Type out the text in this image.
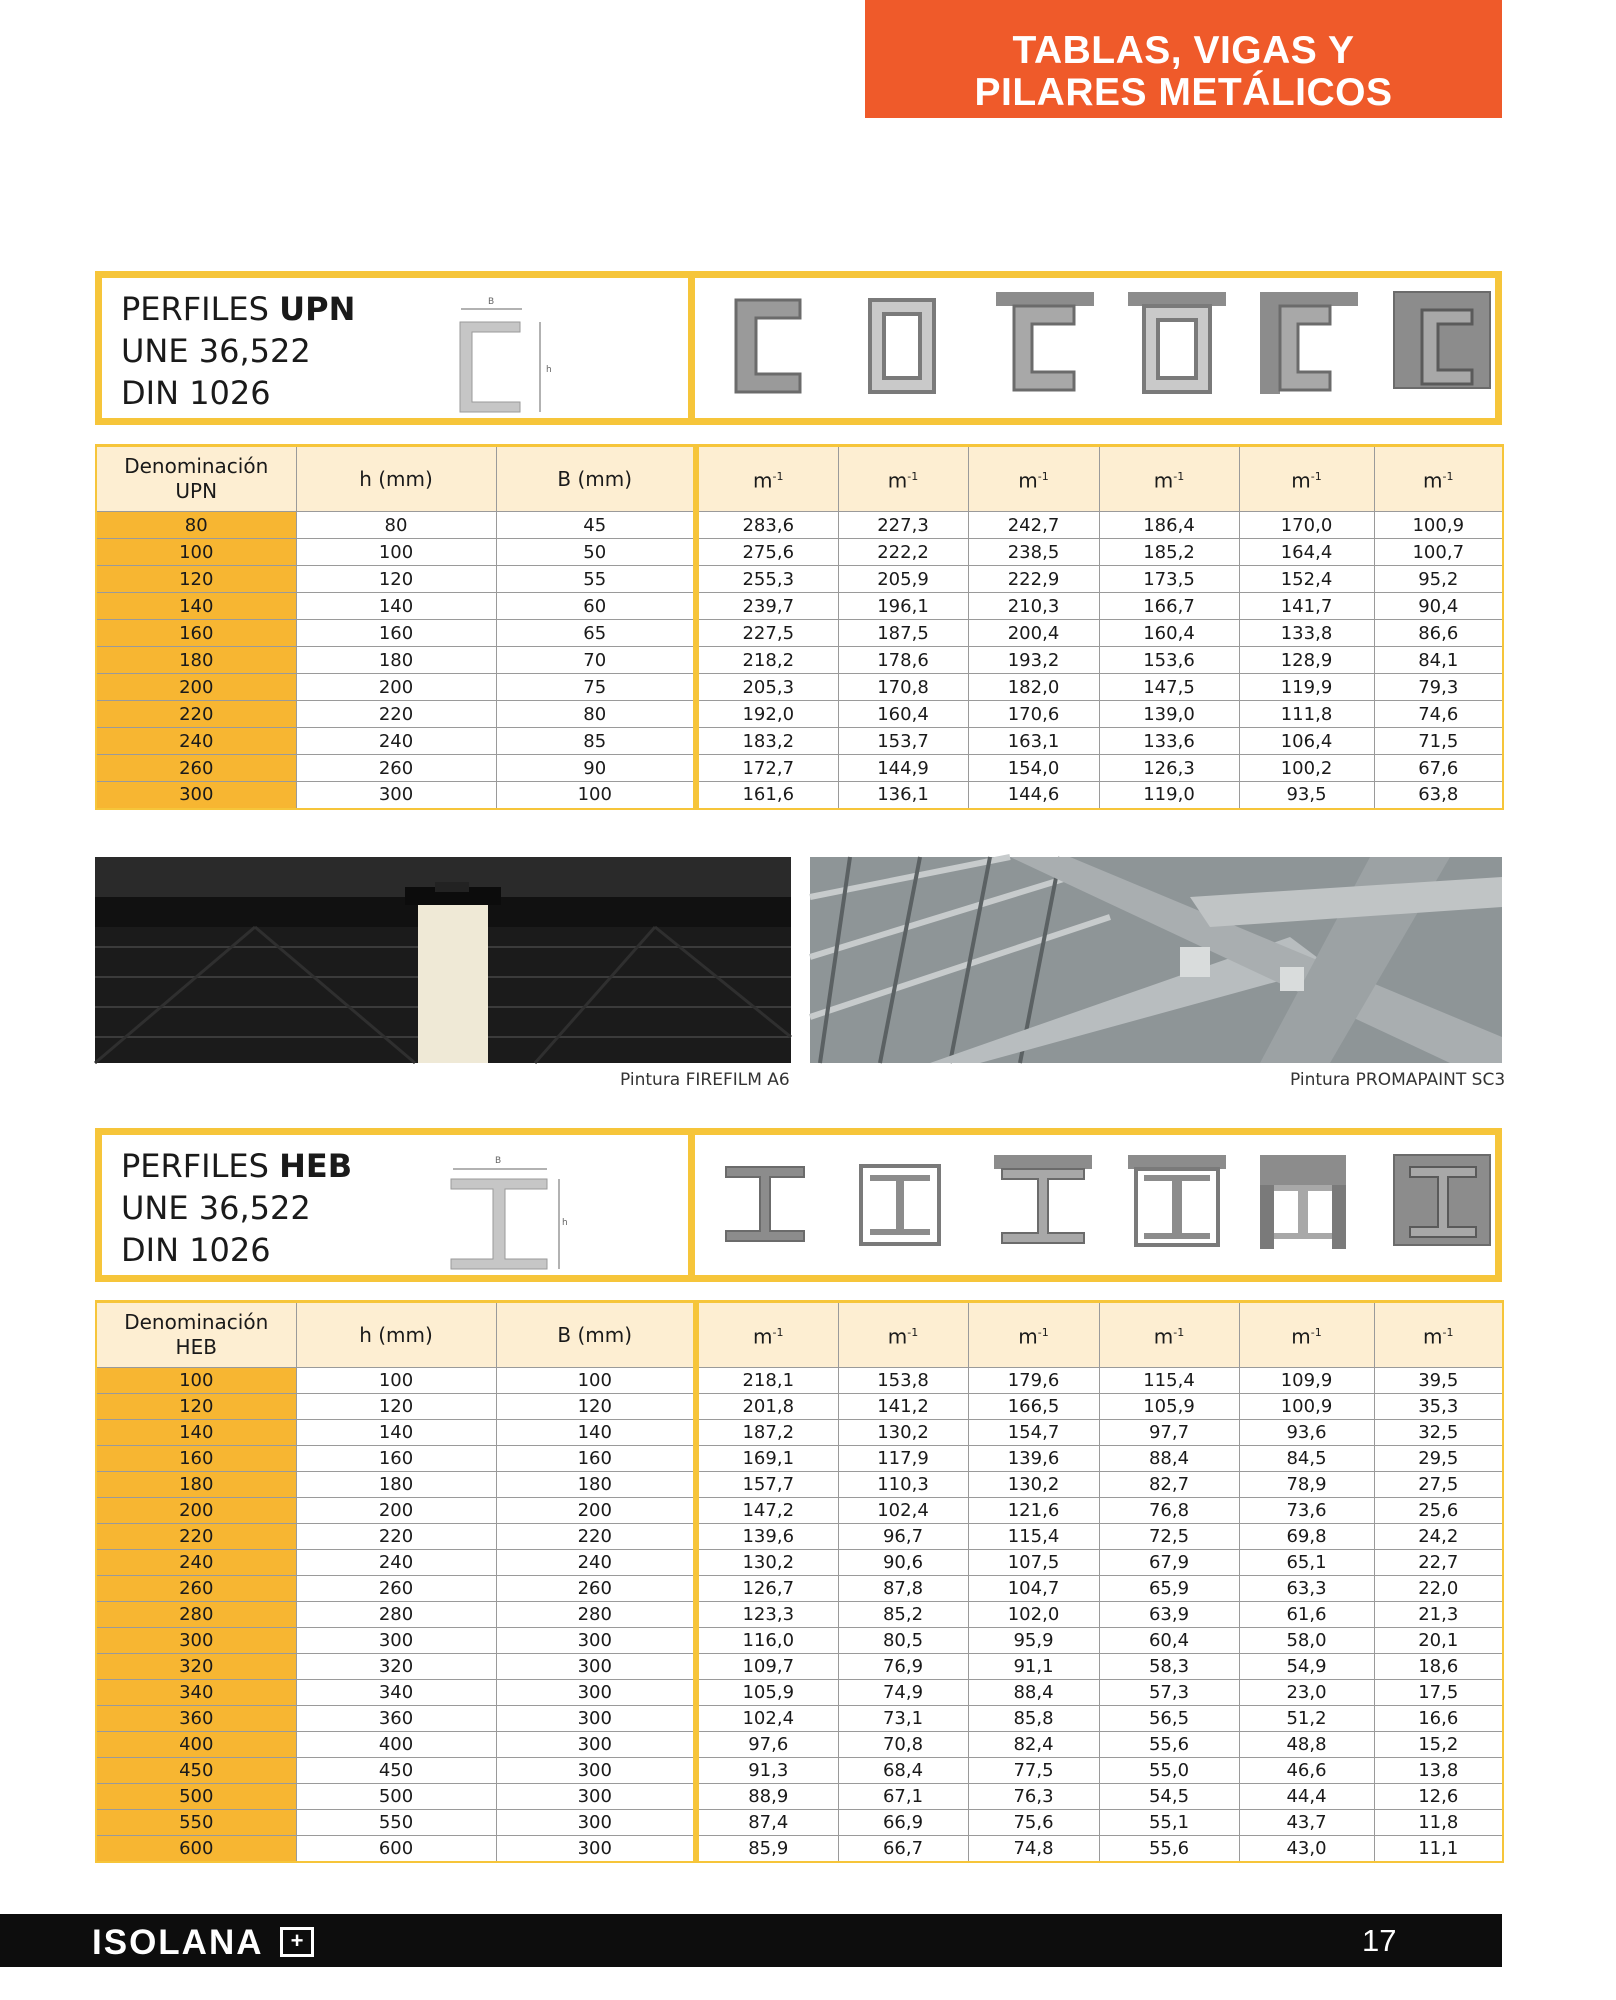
TABLAS, VIGAS Y
PILARES METÁLICOS
PERFILES UPN
UNE 36,522
DIN 1026
B
h
Denominación
UPN	h (mm)	B (mm)	$m^{-1}$	$m^{-1}$	$m^{-1}$	$m^{-1}$	$m^{-1}$	$m^{-1}$
80	80	45	283,6	227,3	242,7	186,4	170,0	100,9
100	100	50	275,6	222,2	238,5	185,2	164,4	100,7
120	120	55	255,3	205,9	222,9	173,5	152,4	95,2
140	140	60	239,7	196,1	210,3	166,7	141,7	90,4
160	160	65	227,5	187,5	200,4	160,4	133,8	86,6
180	180	70	218,2	178,6	193,2	153,6	128,9	84,1
200	200	75	205,3	170,8	182,0	147,5	119,9	79,3
220	220	80	192,0	160,4	170,6	139,0	111,8	74,6
240	240	85	183,2	153,7	163,1	133,6	106,4	71,5
260	260	90	172,7	144,9	154,0	126,3	100,2	67,6
300	300	100	161,6	136,1	144,6	119,0	93,5	63,8
Pintura FIREFILM A6	Pintura PROMAPAINT SC3
PERFILES HEB
UNE 36,522
DIN 1026
B
h
Denominación
HEB	h (mm)	B (mm)	$m^{-1}$	$m^{-1}$	$m^{-1}$	$m^{-1}$	$m^{-1}$	$m^{-1}$
100	100	100	218,1	153,8	179,6	115,4	109,9	39,5
120	120	120	201,8	141,2	166,5	105,9	100,9	35,3
140	140	140	187,2	130,2	154,7	97,7	93,6	32,5
160	160	160	169,1	117,9	139,6	88,4	84,5	29,5
180	180	180	157,7	110,3	130,2	82,7	78,9	27,5
200	200	200	147,2	102,4	121,6	76,8	73,6	25,6
220	220	220	139,6	96,7	115,4	72,5	69,8	24,2
240	240	240	130,2	90,6	107,5	67,9	65,1	22,7
260	260	260	126,7	87,8	104,7	65,9	63,3	22,0
280	280	280	123,3	85,2	102,0	63,9	61,6	21,3
300	300	300	116,0	80,5	95,9	60,4	58,0	20,1
320	320	300	109,7	76,9	91,1	58,3	54,9	18,6
340	340	300	105,9	74,9	88,4	57,3	23,0	17,5
360	360	300	102,4	73,1	85,8	56,5	51,2	16,6
400	400	300	97,6	70,8	82,4	55,6	48,8	15,2
450	450	300	91,3	68,4	77,5	55,0	46,6	13,8
500	500	300	88,9	67,1	76,3	54,5	44,4	12,6
550	550	300	87,4	66,9	75,6	55,1	43,7	11,8
600	600	300	85,9	66,7	74,8	55,6	43,0	11,1
ISOLANA	+	17
